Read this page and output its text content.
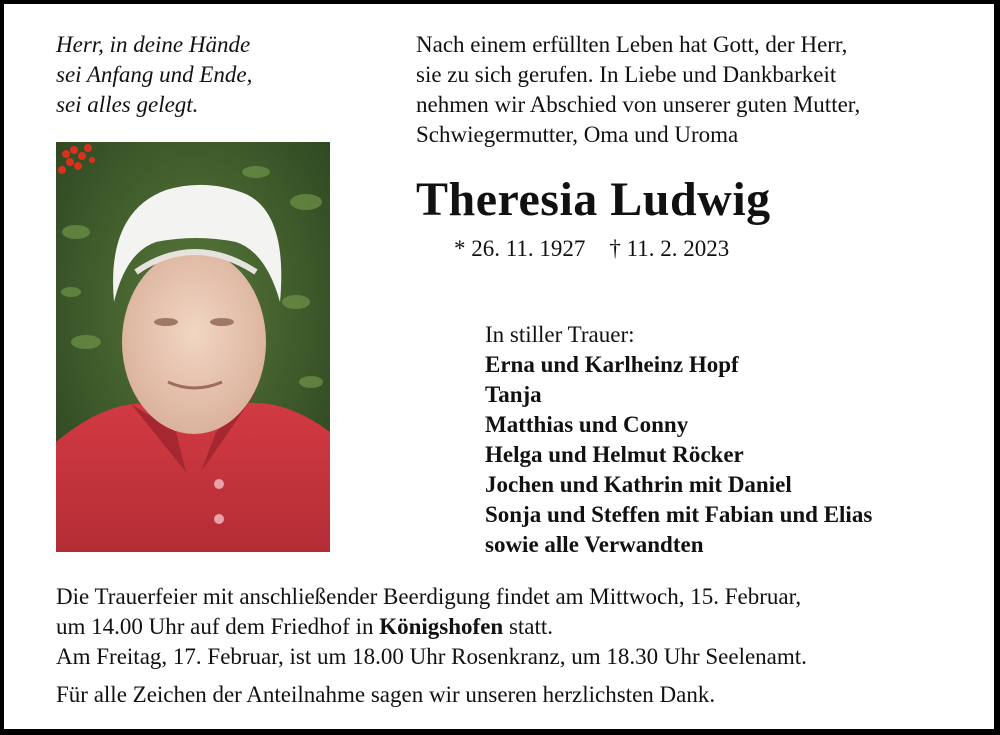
Herr, in deine Hände
sei Anfang und Ende,
sei alles gelegt.
Nach einem erfüllten Leben hat Gott, der Herr,
sie zu sich gerufen. In Liebe und Dankbarkeit
nehmen wir Abschied von unserer guten Mutter,
Schwiegermutter, Oma und Uroma
Theresia Ludwig
* 26. 11. 1927 † 11. 2. 2023
In stiller Trauer:
Erna und Karlheinz Hopf
Tanja
Matthias und Conny
Helga und Helmut Röcker
Jochen und Kathrin mit Daniel
Sonja und Steffen mit Fabian und Elias
sowie alle Verwandten
Die Trauerfeier mit anschließender Beerdigung findet am Mittwoch, 15. Februar,
um 14.00 Uhr auf dem Friedhof in Königshofen statt.
Am Freitag, 17. Februar, ist um 18.00 Uhr Rosenkranz, um 18.30 Uhr Seelenamt.
Für alle Zeichen der Anteilnahme sagen wir unseren herzlichsten Dank.
